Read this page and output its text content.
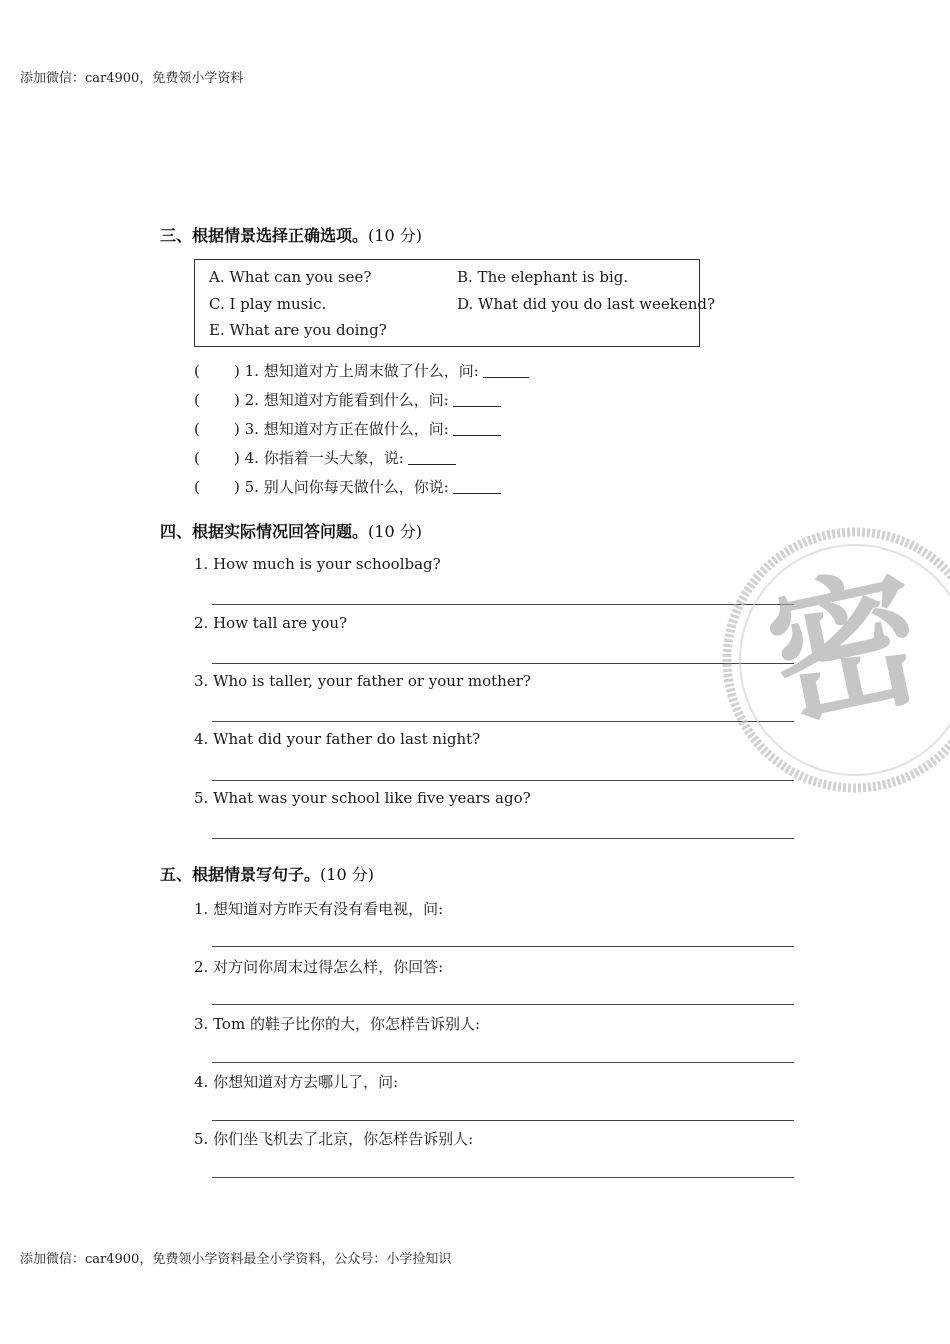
添加微信：car4900，免费领小学资料
三、根据情景选择正确选项。(10 分)
A. What can you see?	B. The elephant is big.
C. I play music.	D. What did you do last weekend?
E. What are you doing?
( ) 1. 想知道对方上周末做了什么，问:
( ) 2. 想知道对方能看到什么，问:
( ) 3. 想知道对方正在做什么，问:
( ) 4. 你指着一头大象，说:
( ) 5. 别人问你每天做什么，你说:
四、根据实际情况回答问题。(10 分)
1. How much is your schoolbag?
2. How tall are you?
3. Who is taller, your father or your mother?
4. What did your father do last night?
5. What was your school like five years ago?
五、根据情景写句子。(10 分)
1. 想知道对方昨天有没有看电视，问:
2. 对方问你周末过得怎么样，你回答:
3. Tom 的鞋子比你的大，你怎样告诉别人:
4. 你想知道对方去哪儿了，问:
5. 你们坐飞机去了北京，你怎样告诉别人:
密
添加微信：car4900，免费领小学资料最全小学资料，公众号：小学捡知识
